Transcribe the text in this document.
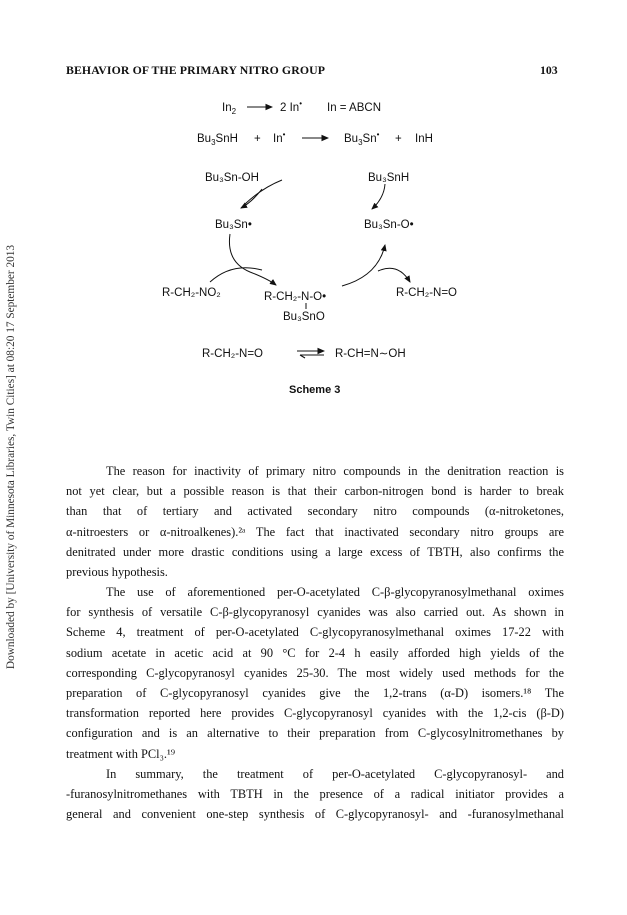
Downloaded by [University of Minnesota Libraries, Twin Cities] at 08:20 17 September 2013
BEHAVIOR OF THE PRIMARY NITRO GROUP	103
$In_2$	2 In• In = ABCN
$Bu_3SnH + In^•$	$Bu_3Sn^•$ + InH
Bu₃Sn-OH	Bu₃SnH
Bu₃Sn•	Bu₃Sn-O•
R-CH₂-NO₂	R-CH₂-N-O•
Bu₃SnO
R-CH₂-N=O
R-CH₂-N=O	R-CH=N∼OH
Scheme 3
The reason for inactivity of primary nitro compounds in the denitration reaction is
not yet clear, but a possible reason is that their carbon-nitrogen bond is harder to break
than that of tertiary and activated secondary nitro compounds (α-nitroketones,
α-nitroesters or α-nitroalkenes).²ᵃ The fact that inactivated secondary nitro groups are
denitrated under more drastic conditions using a large excess of TBTH, also confirms the
previous hypothesis.
The use of aforementioned per-O-acetylated C-β-glycopyranosylmethanal oximes
for synthesis of versatile C-β-glycopyranosyl cyanides was also carried out. As shown in
Scheme 4, treatment of per-O-acetylated C-glycopyranosylmethanal oximes 17-22 with
sodium acetate in acetic acid at 90 °C for 2-4 h easily afforded high yields of the
corresponding C-glycopyranosyl cyanides 25-30. The most widely used methods for the
preparation of C-glycopyranosyl cyanides give the 1,2-trans (α-D) isomers.¹⁸ The
transformation reported here provides C-glycopyranosyl cyanides with the 1,2-cis (β-D)
configuration and is an alternative to their preparation from C-glycosylnitromethanes by
treatment with PCl₃.¹⁹
In summary, the treatment of per-O-acetylated C-glycopyranosyl- and
-furanosylnitromethanes with TBTH in the presence of a radical initiator provides a
general and convenient one-step synthesis of C-glycopyranosyl- and -furanosylmethanal
